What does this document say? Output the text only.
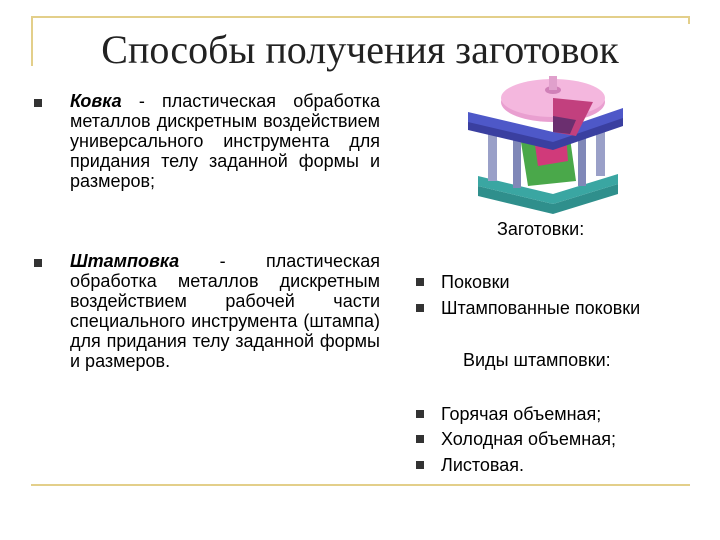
Способы получения заготовок
Ковка - пластическая обработка металлов дискретным воздействием универсального инструмента для придания телу заданной формы и размеров;
Штамповка - пластическая обработка металлов дискретным воздействием рабочей части специального инструмента (штампа) для придания телу заданной формы и размеров.
Заготовки:
Поковки
Штампованные поковки
Виды штамповки:
Горячая объемная;
Холодная объемная;
Листовая.
